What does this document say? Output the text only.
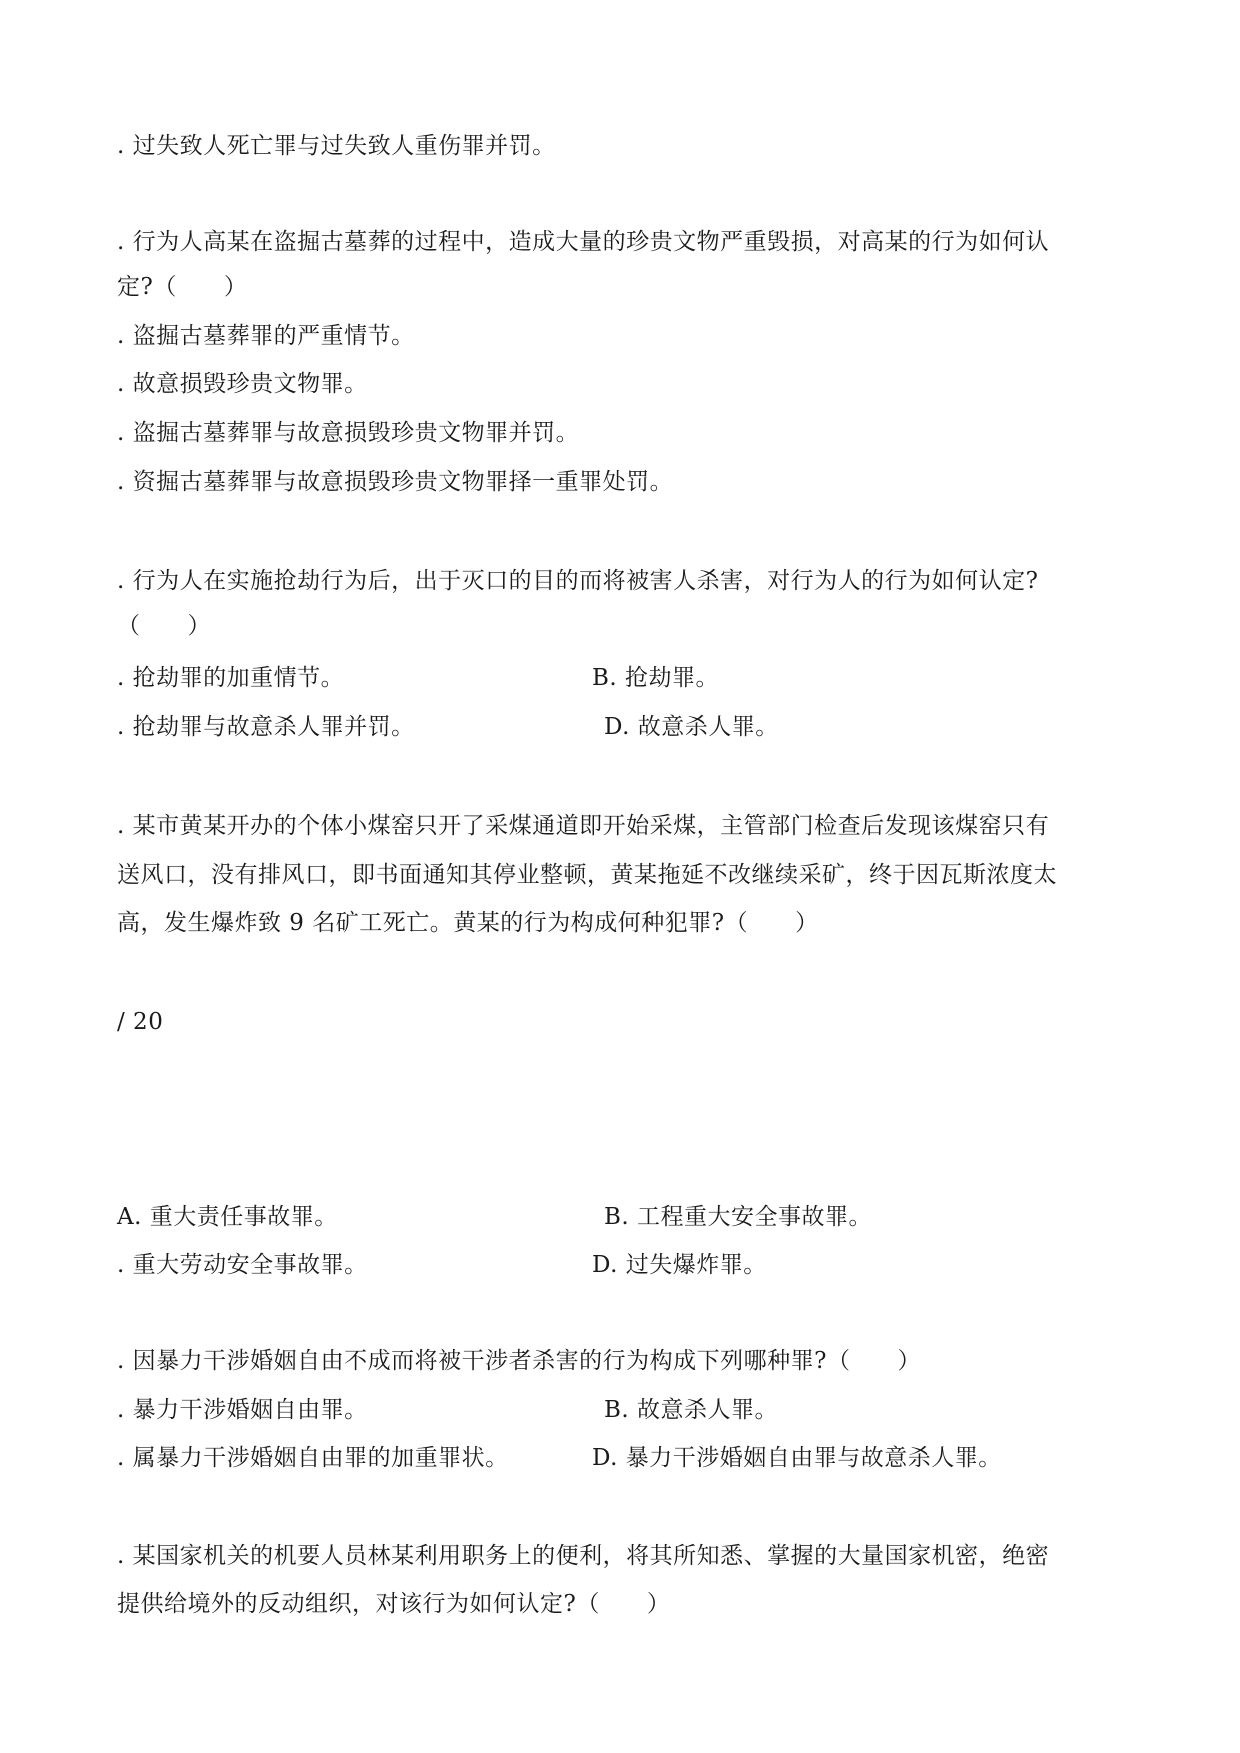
. 过失致人死亡罪与过失致人重伤罪并罚。
. 行为人高某在盗掘古墓葬的过程中，造成大量的珍贵文物严重毁损，对高某的行为如何认
定?（　　）
. 盗掘古墓葬罪的严重情节。
. 故意损毁珍贵文物罪。
. 盗掘古墓葬罪与故意损毁珍贵文物罪并罚。
. 资掘古墓葬罪与故意损毁珍贵文物罪择一重罪处罚。
. 行为人在实施抢劫行为后，出于灭口的目的而将被害人杀害，对行为人的行为如何认定?
（　　）
. 抢劫罪的加重情节。	B. 抢劫罪。
. 抢劫罪与故意杀人罪并罚。	D. 故意杀人罪。
. 某市黄某开办的个体小煤窑只开了采煤通道即开始采煤，主管部门检查后发现该煤窑只有
送风口，没有排风口，即书面通知其停业整顿，黄某拖延不改继续采矿，终于因瓦斯浓度太
高，发生爆炸致 9 名矿工死亡。黄某的行为构成何种犯罪?（　　）
/ 20
A. 重大责任事故罪。	B. 工程重大安全事故罪。
. 重大劳动安全事故罪。	D. 过失爆炸罪。
. 因暴力干涉婚姻自由不成而将被干涉者杀害的行为构成下列哪种罪?（　　）
. 暴力干涉婚姻自由罪。	B. 故意杀人罪。
. 属暴力干涉婚姻自由罪的加重罪状。	D. 暴力干涉婚姻自由罪与故意杀人罪。
. 某国家机关的机要人员林某利用职务上的便利，将其所知悉、掌握的大量国家机密，绝密
提供给境外的反动组织，对该行为如何认定?（　　）
